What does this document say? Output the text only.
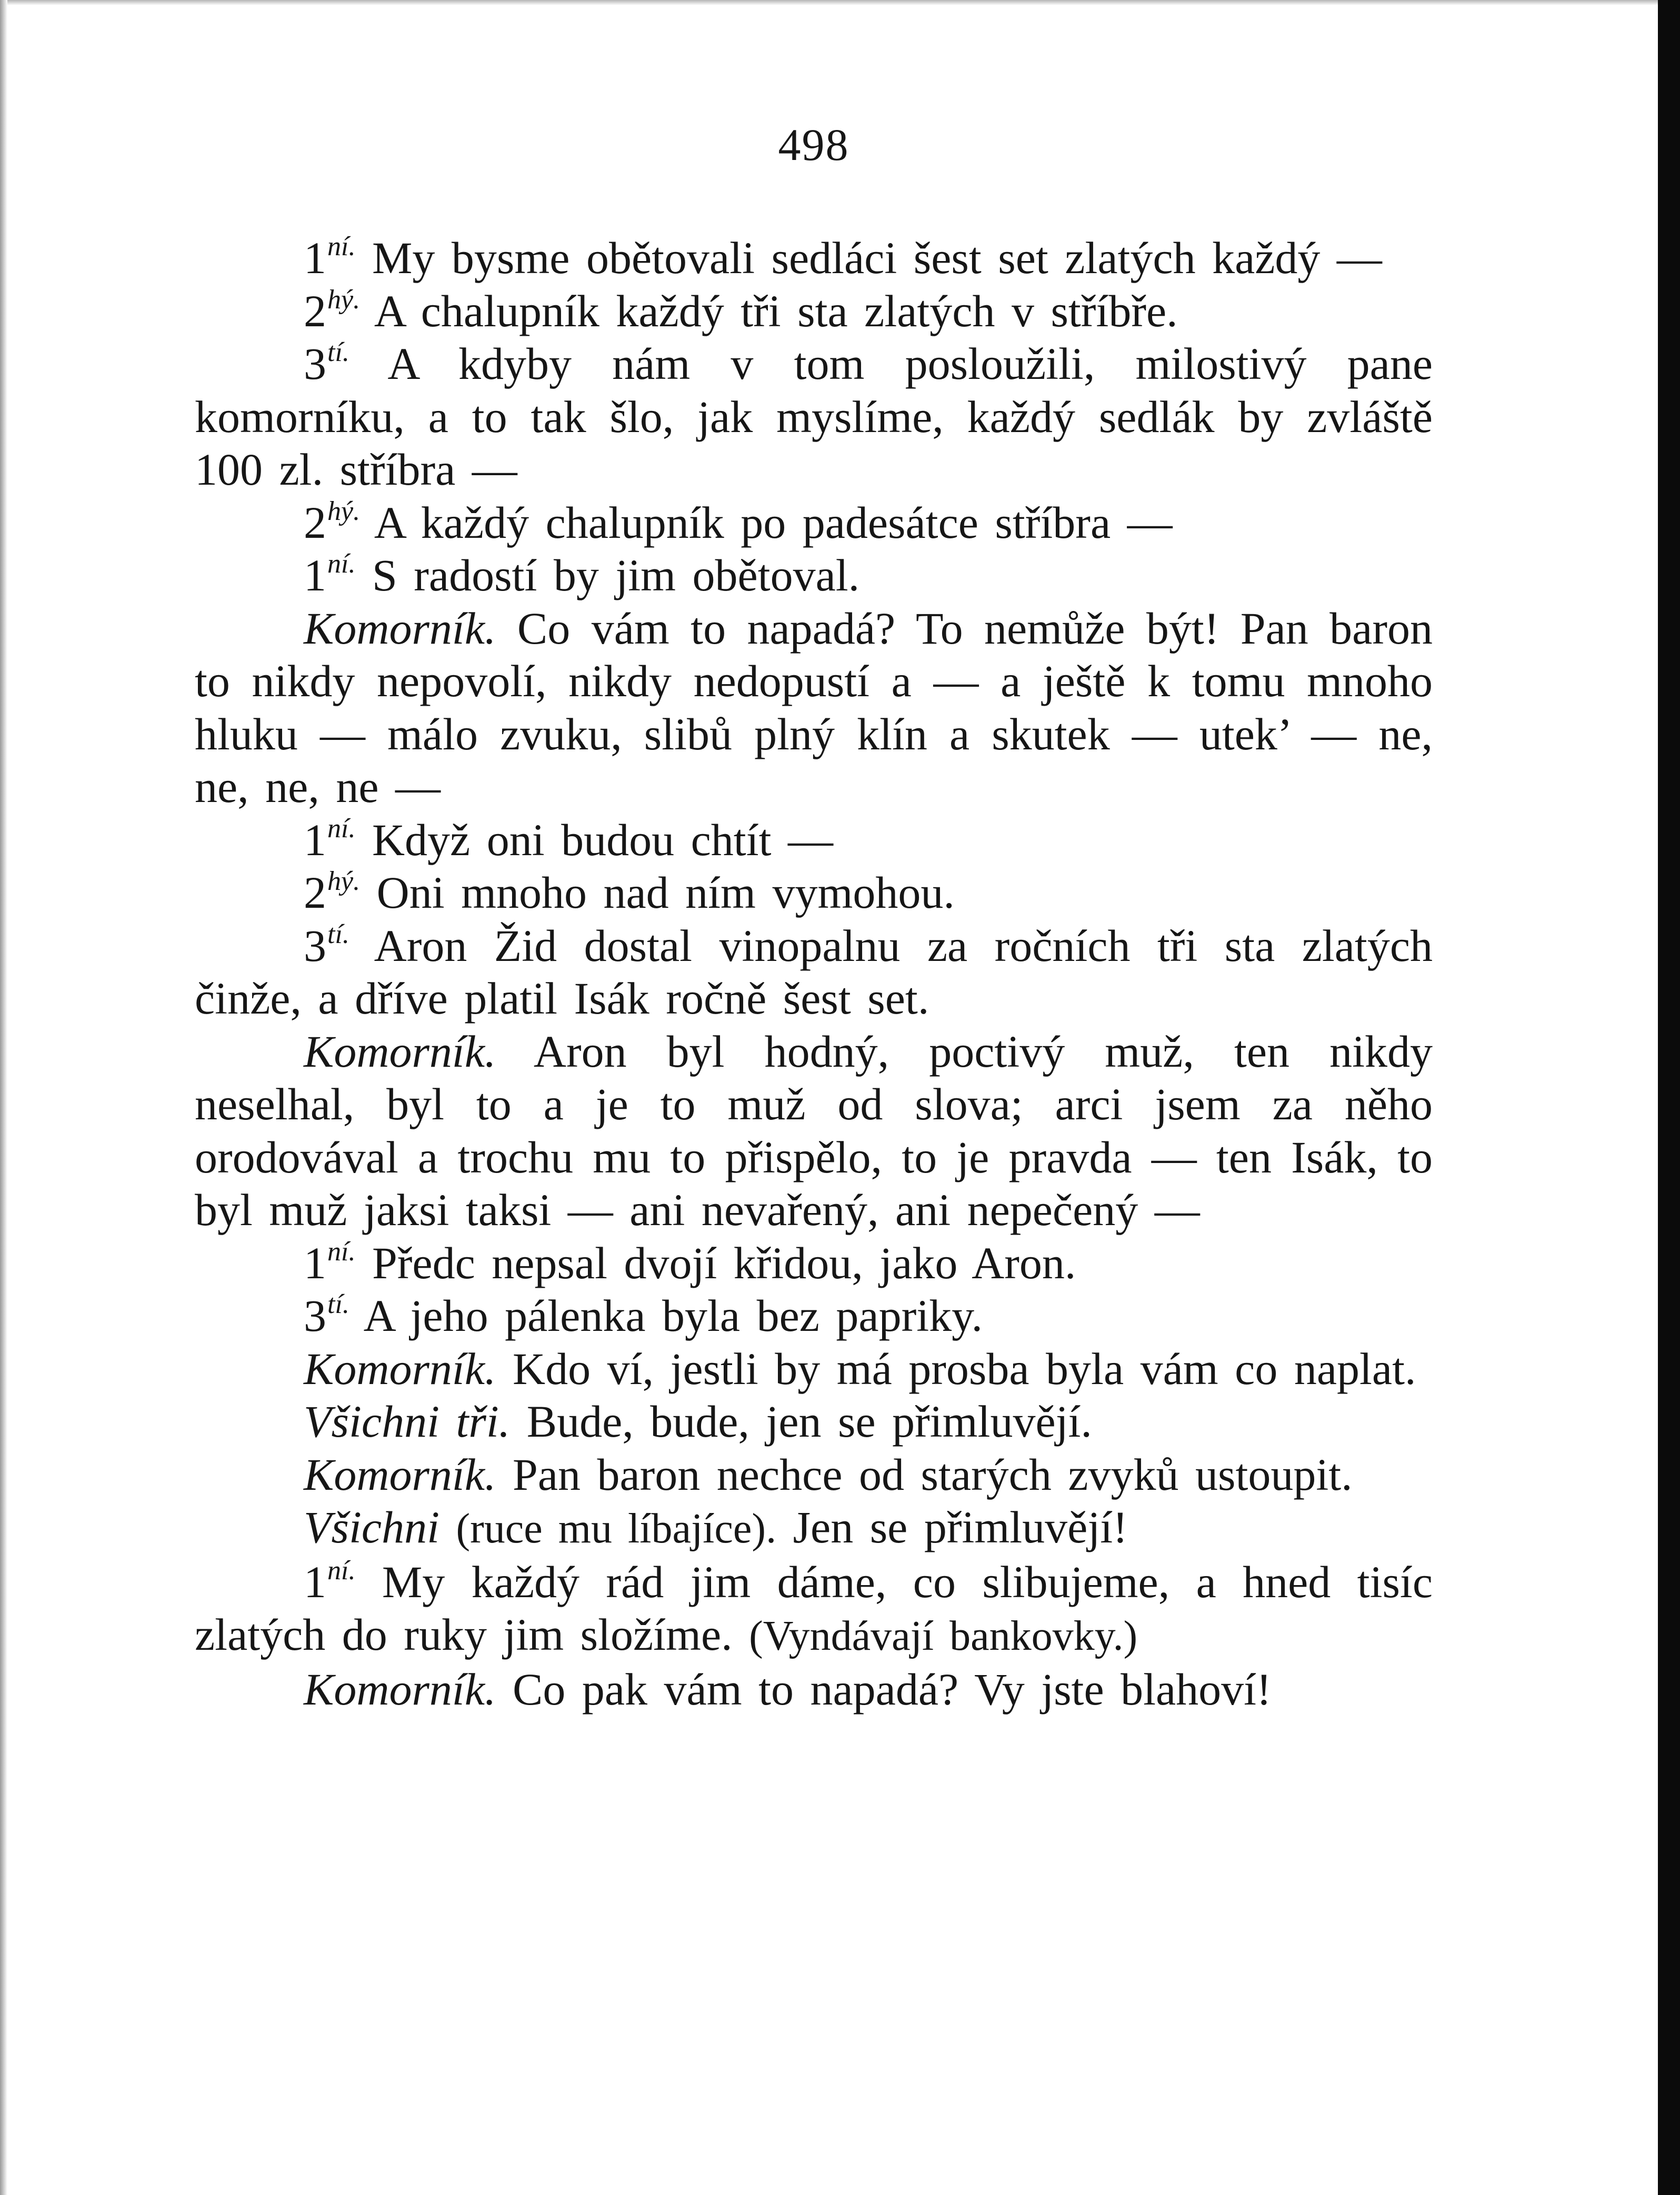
498

$1^{ní.}$ My bysme obětovali sedláci šest set zlatých každý —

$2^{hý.}$ A chalupník každý tři sta zlatých v stříbře.

$3^{tí.}$ A kdyby nám v tom posloužili, milostivý pane komorníku, a to tak šlo, jak myslíme, každý sedlák by zvláště 100 zl. stříbra —

$2^{hý.}$ A každý chalupník po padesátce stříbra —

$1^{ní.}$ S radostí by jim obětoval.

Komorník. Co vám to napadá? To nemůže být! Pan baron to nikdy nepovolí, nikdy nedopustí a — a ještě k tomu mnoho hluku — málo zvuku, slibů plný klín a skutek — utek’ — ne, ne, ne, ne —

$1^{ní.}$ Když oni budou chtít —

$2^{hý.}$ Oni mnoho nad ním vymohou.

$3^{tí.}$ Aron Žid dostal vinopalnu za ročních tři sta zlatých činže, a dříve platil Isák ročně šest set.

Komorník. Aron byl hodný, poctivý muž, ten nikdy neselhal, byl to a je to muž od slova; arci jsem za něho orodovával a trochu mu to přispělo, to je pravda — ten Isák, to byl muž jaksi taksi — ani nevařený, ani nepečený —

$1^{ní.}$ Předc nepsal dvojí křidou, jako Aron.

$3^{tí.}$ A jeho pálenka byla bez papriky.

Komorník. Kdo ví, jestli by má prosba byla vám co naplat.

Všichni tři. Bude, bude, jen se přimluvějí.

Komorník. Pan baron nechce od starých zvyků ustoupit.

Všichni (ruce mu líbajíce). Jen se přimluvějí!

$1^{ní.}$ My každý rád jim dáme, co slibujeme, a hned tisíc zlatých do ruky jim složíme. (Vyndávají bankovky.)

Komorník. Co pak vám to napadá? Vy jste blahoví!
